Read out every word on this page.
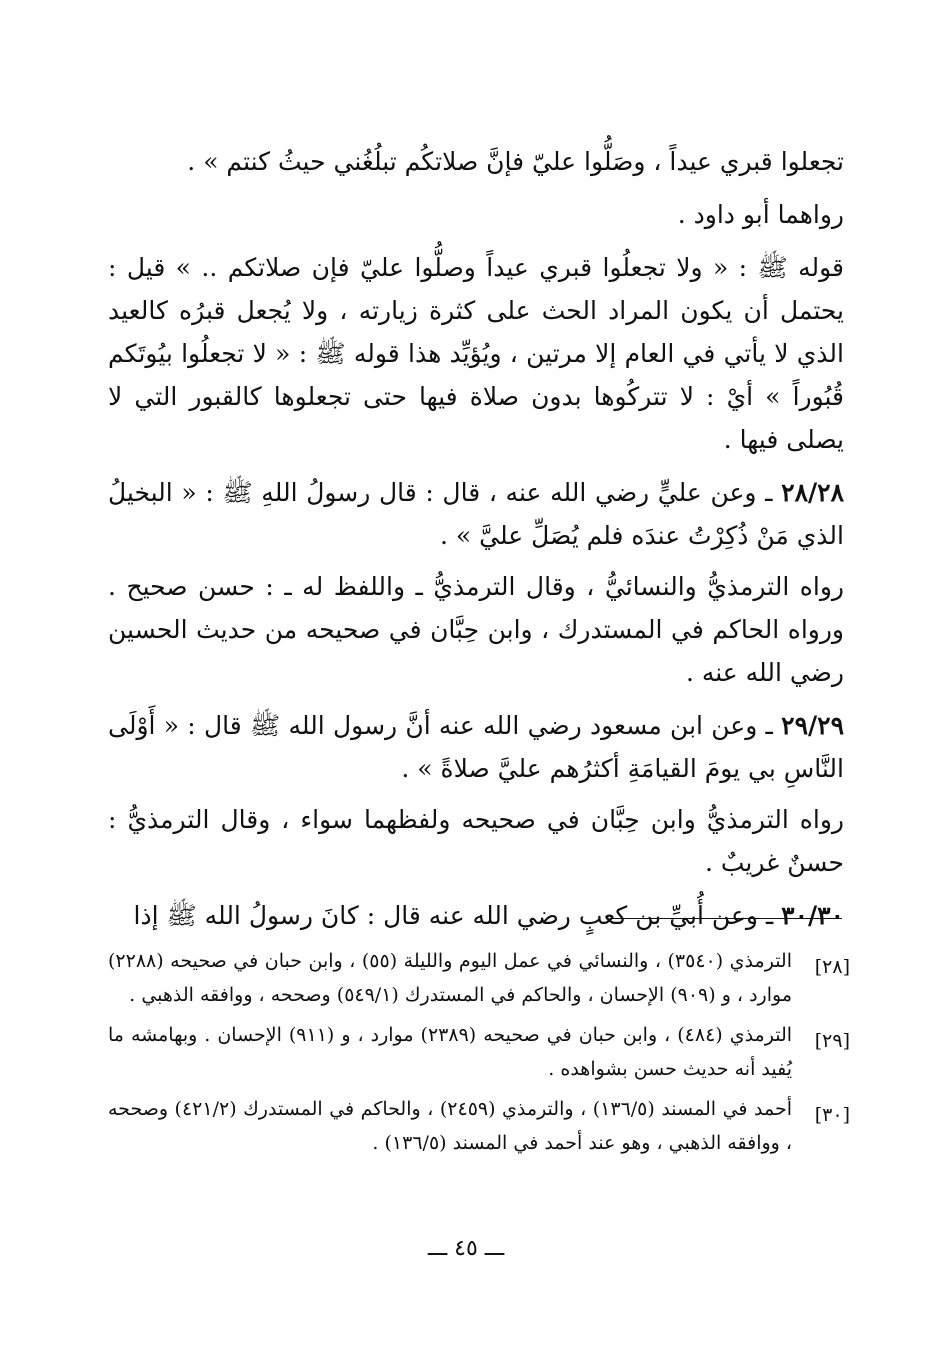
تجعلوا قبري عيداً ، وصَلُّوا عليّ فإنَّ صلاتكُم تبلُغُني حيثُ كنتم » .

رواهما أبو داود .

قوله ﷺ : « ولا تجعلُوا قبري عيداً وصلُّوا عليّ فإن صلاتكم .. » قيل : يحتمل أن يكون المراد الحث على كثرة زيارته ، ولا يُجعل قبرُه كالعيد الذي لا يأتي في العام إلا مرتين ، ويُؤيِّد هذا قوله ﷺ : « لا تجعلُوا بيُوتَكم قُبُوراً » أيْ : لا تتركُوها بدون صلاة فيها حتى تجعلوها كالقبور التي لا يصلى فيها .

٢٨/٢٨ ـ وعن عليٍّ رضي الله عنه ، قال : قال رسولُ اللهِ ﷺ : « البخيلُ الذي مَنْ ذُكِرْتُ عندَه فلم يُصَلِّ عليَّ » .

رواه الترمذيُّ والنسائيُّ ، وقال الترمذيُّ ـ واللفظ له ـ : حسن صحيح . ورواه الحاكم في المستدرك ، وابن حِبَّان في صحيحه من حديث الحسين رضي الله عنه .

٢٩/٢٩ ـ وعن ابن مسعود رضي الله عنه أنَّ رسول الله ﷺ قال : « أَوْلَى النَّاسِ بي يومَ القيامَةِ أكثرُهم عليَّ صلاةً » .

رواه الترمذيُّ وابن حِبَّان في صحيحه ولفظهما سواء ، وقال الترمذيُّ : حسنٌ غريبٌ .

٣٠/٣٠ ـ وعن أُبيِّ بن كعبٍ رضي الله عنه قال : كانَ رسولُ الله ﷺ إذا

[٢٨]
الترمذي (٣٥٤٠) ، والنسائي في عمل اليوم والليلة (٥٥) ، وابن حبان في صحيحه (٢٢٨٨) موارد ، و (٩٠٩) الإحسان ، والحاكم في المستدرك (٥٤٩/١) وصححه ، ووافقه الذهبي .
[٢٩]
الترمذي (٤٨٤) ، وابن حبان في صحيحه (٢٣٨٩) موارد ، و (٩١١) الإحسان . وبهامشه ما يُفيد أنه حديث حسن بشواهده .
[٣٠]
أحمد في المسند (١٣٦/٥) ، والترمذي (٢٤٥٩) ، والحاكم في المستدرك (٤٢١/٢) وصححه ، ووافقه الذهبي ، وهو عند أحمد في المسند (١٣٦/٥) .
ـــ ٤٥ ـــ
